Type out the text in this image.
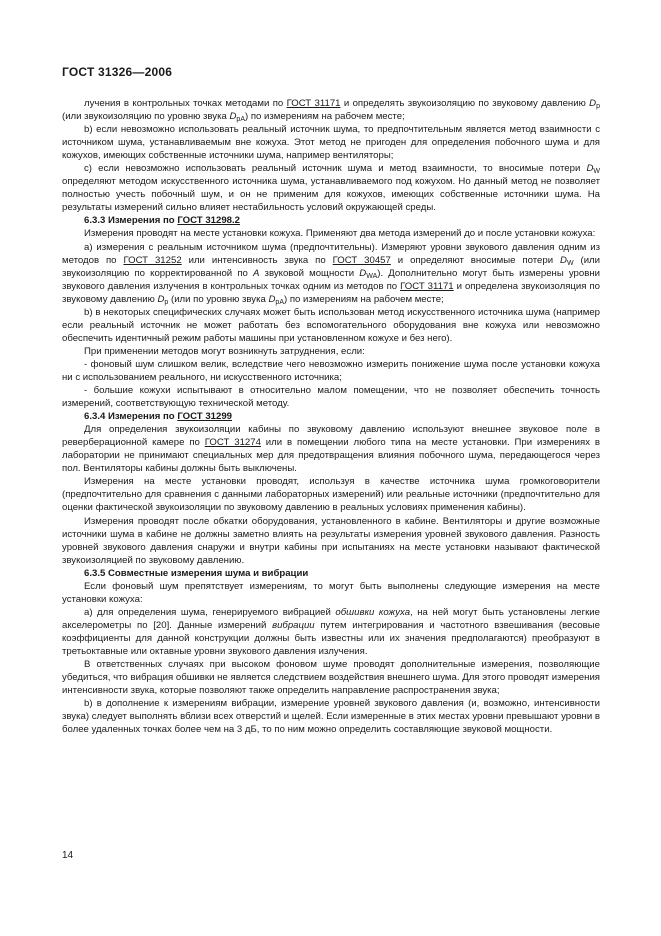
ГОСТ 31326—2006

лучения в контрольных точках методами по ГОСТ 31171 и определять звукоизоляцию по звуковому давлению $D_p$ (или звукоизоляцию по уровню звука $D_{pA}$) по измерениям на рабочем месте;

b) если невозможно использовать реальный источник шума, то предпочтительным является метод взаимности с источником шума, устанавливаемым вне кожуха. Этот метод не пригоден для определения побочного шума и для кожухов, имеющих собственные источники шума, например вентиляторы;

c) если невозможно использовать реальный источник шума и метод взаимности, то вносимые потери $D_W$ определяют методом искусственного источника шума, устанавливаемого под кожухом. Но данный метод не позволяет полностью учесть побочный шум, и он не применим для кожухов, имеющих собственные источники шума. На результаты измерений сильно влияет нестабильность условий окружающей среды.

6.3.3 Измерения по ГОСТ 31298.2

Измерения проводят на месте установки кожуха. Применяют два метода измерений до и после установки кожуха:

а) измерения с реальным источником шума (предпочтительны). Измеряют уровни звукового давления одним из методов по ГОСТ 31252 или интенсивность звука по ГОСТ 30457 и определяют вносимые потери $D_W$ (или звукоизоляцию по корректированной по А звуковой мощности $D_{WA}$). Дополнительно могут быть измерены уровни звукового давления излучения в контрольных точках одним из методов по ГОСТ 31171 и определена звукоизоляция по звуковому давлению $D_p$ (или по уровню звука $D_{pA}$) по измерениям на рабочем месте;

b) в некоторых специфических случаях может быть использован метод искусственного источника шума (например если реальный источник не может работать без вспомогательного оборудования вне кожуха или невозможно обеспечить идентичный режим работы машины при установленном кожухе и без него).

При применении методов могут возникнуть затруднения, если:

- фоновый шум слишком велик, вследствие чего невозможно измерить понижение шума после установки кожуха ни с использованием реального, ни искусственного источника;

- большие кожухи испытывают в относительно малом помещении, что не позволяет обеспечить точность измерений, соответствующую технической методу.

6.3.4 Измерения по ГОСТ 31299

Для определения звукоизоляции кабины по звуковому давлению используют внешнее звуковое поле в реверберационной камере по ГОСТ 31274 или в помещении любого типа на месте установки. При измерениях в лаборатории не принимают специальных мер для предотвращения влияния побочного шума, передающегося через пол. Вентиляторы кабины должны быть выключены.

Измерения на месте установки проводят, используя в качестве источника шума громкоговорители (предпочтительно для сравнения с данными лабораторных измерений) или реальные источники (предпочтительно для оценки фактической звукоизоляции по звуковому давлению в реальных условиях применения кабины).

Измерения проводят после обкатки оборудования, установленного в кабине. Вентиляторы и другие возможные источники шума в кабине не должны заметно влиять на результаты измерения уровней звукового давления. Разность уровней звукового давления снаружи и внутри кабины при испытаниях на месте установки называют фактической звукоизоляцией по звуковому давлению.

6.3.5 Совместные измерения шума и вибрации

Если фоновый шум препятствует измерениям, то могут быть выполнены следующие измерения на месте установки кожуха:

а) для определения шума, генерируемого вибрацией обшивки кожуха, на ней могут быть установлены легкие акселерометры по [20]. Данные измерений вибрации путем интегрирования и частотного взвешивания (весовые коэффициенты для данной конструкции должны быть известны или их значения предполагаются) преобразуют в третьоктавные или октавные уровни звукового давления излучения.

В ответственных случаях при высоком фоновом шуме проводят дополнительные измерения, позволяющие убедиться, что вибрация обшивки не является следствием воздействия внешнего шума. Для этого проводят измерения интенсивности звука, которые позволяют также определить направление распространения звука;

b) в дополнение к измерениям вибрации, измерение уровней звукового давления (и, возможно, интенсивности звука) следует выполнять вблизи всех отверстий и щелей. Если измеренные в этих местах уровни превышают уровни в более удаленных точках более чем на 3 дБ, то по ним можно определить составляющие звуковой мощности.

14
